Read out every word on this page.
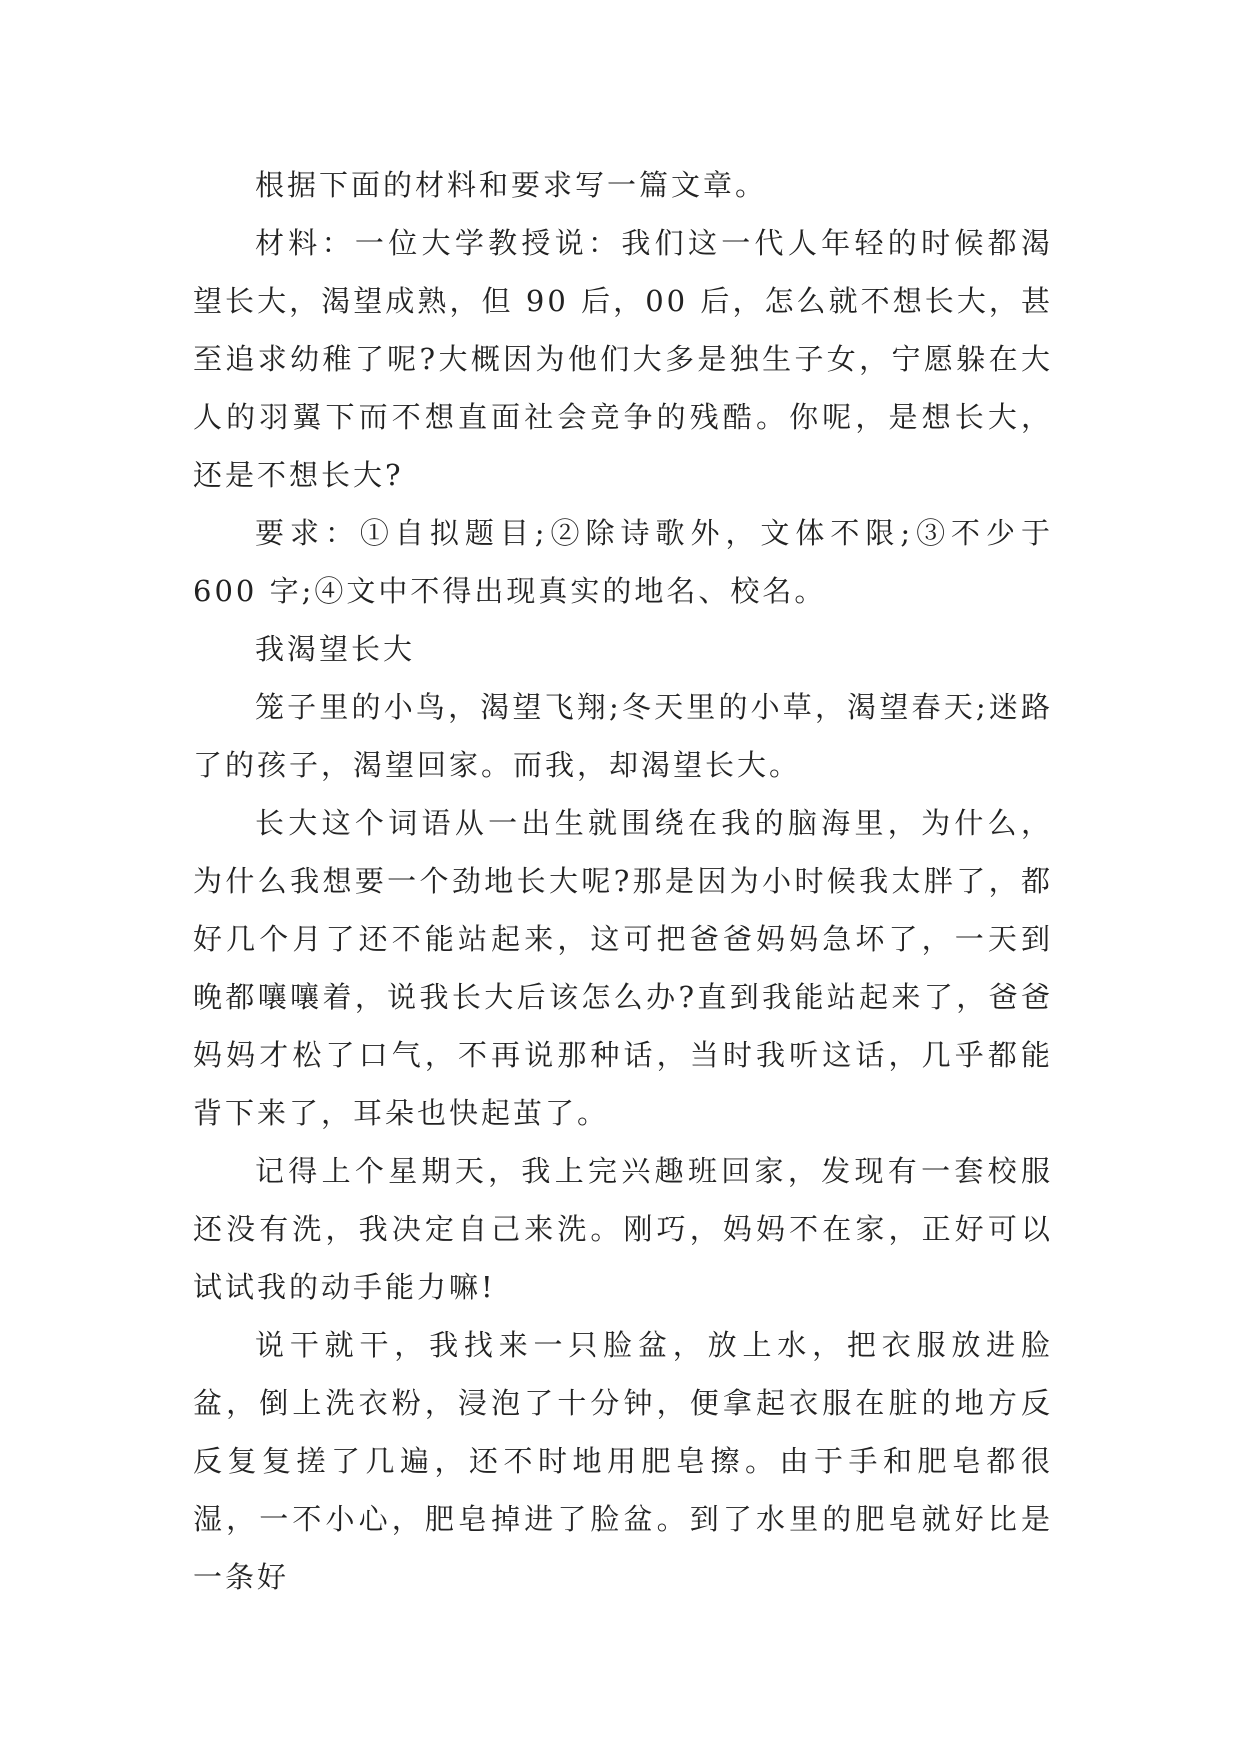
根据下面的材料和要求写一篇文章。

材料：一位大学教授说：我们这一代人年轻的时候都渴望长大，渴望成熟，但 90 后，00 后，怎么就不想长大，甚至追求幼稚了呢?大概因为他们大多是独生子女，宁愿躲在大人的羽翼下而不想直面社会竞争的残酷。你呢，是想长大，还是不想长大?

要求：①自拟题目;②除诗歌外，文体不限;③不少于 600 字;④文中不得出现真实的地名、校名。

我渴望长大

笼子里的小鸟，渴望飞翔;冬天里的小草，渴望春天;迷路了的孩子，渴望回家。而我，却渴望长大。

长大这个词语从一出生就围绕在我的脑海里，为什么，为什么我想要一个劲地长大呢?那是因为小时候我太胖了，都好几个月了还不能站起来，这可把爸爸妈妈急坏了，一天到晚都嚷嚷着，说我长大后该怎么办?直到我能站起来了，爸爸妈妈才松了口气，不再说那种话，当时我听这话，几乎都能背下来了，耳朵也快起茧了。

记得上个星期天，我上完兴趣班回家，发现有一套校服还没有洗，我决定自己来洗。刚巧，妈妈不在家，正好可以试试我的动手能力嘛!

说干就干，我找来一只脸盆，放上水，把衣服放进脸盆，倒上洗衣粉，浸泡了十分钟，便拿起衣服在脏的地方反反复复搓了几遍，还不时地用肥皂擦。由于手和肥皂都很湿，一不小心，肥皂掉进了脸盆。到了水里的肥皂就好比是一条好
